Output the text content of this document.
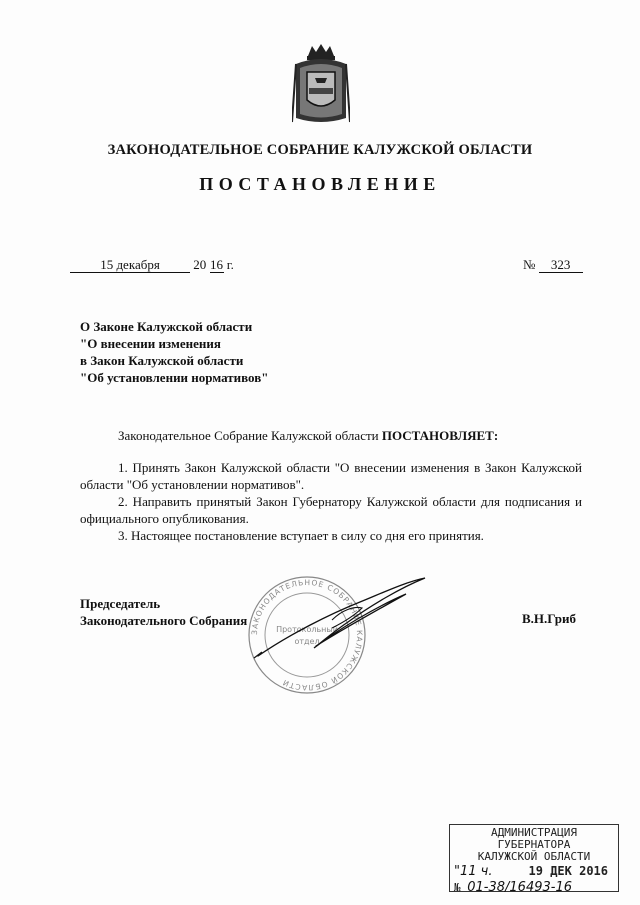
ЗАКОНОДАТЕЛЬНОЕ СОБРАНИЕ КАЛУЖСКОЙ ОБЛАСТИ
ПОСТАНОВЛЕНИЕ
15 декабря	20 16 г.	№ 323
О Законе Калужской области
"О внесении изменения
в Закон Калужской области
"Об установлении нормативов"
Законодательное Собрание Калужской области ПОСТАНОВЛЯЕТ:

1. Принять Закон Калужской области "О внесении изменения в Закон Калужской области "Об установлении нормативов".

2. Направить принятый Закон Губернатору Калужской области для подписания и официального опубликования.

3. Настоящее постановление вступает в силу со дня его принятия.

ЗАКОНОДАТЕЛЬНОЕ СОБРАНИЕ КАЛУЖСКОЙ ОБЛАСТИ
Протокольный
отдел
Председатель
Законодательного Собрания	В.Н.Гриб
АДМИНИСТРАЦИЯ ГУБЕРНАТОРА
КАЛУЖСКОЙ ОБЛАСТИ
"11 ч.	19 ДЕК 2016
№
01-38/16493-16
